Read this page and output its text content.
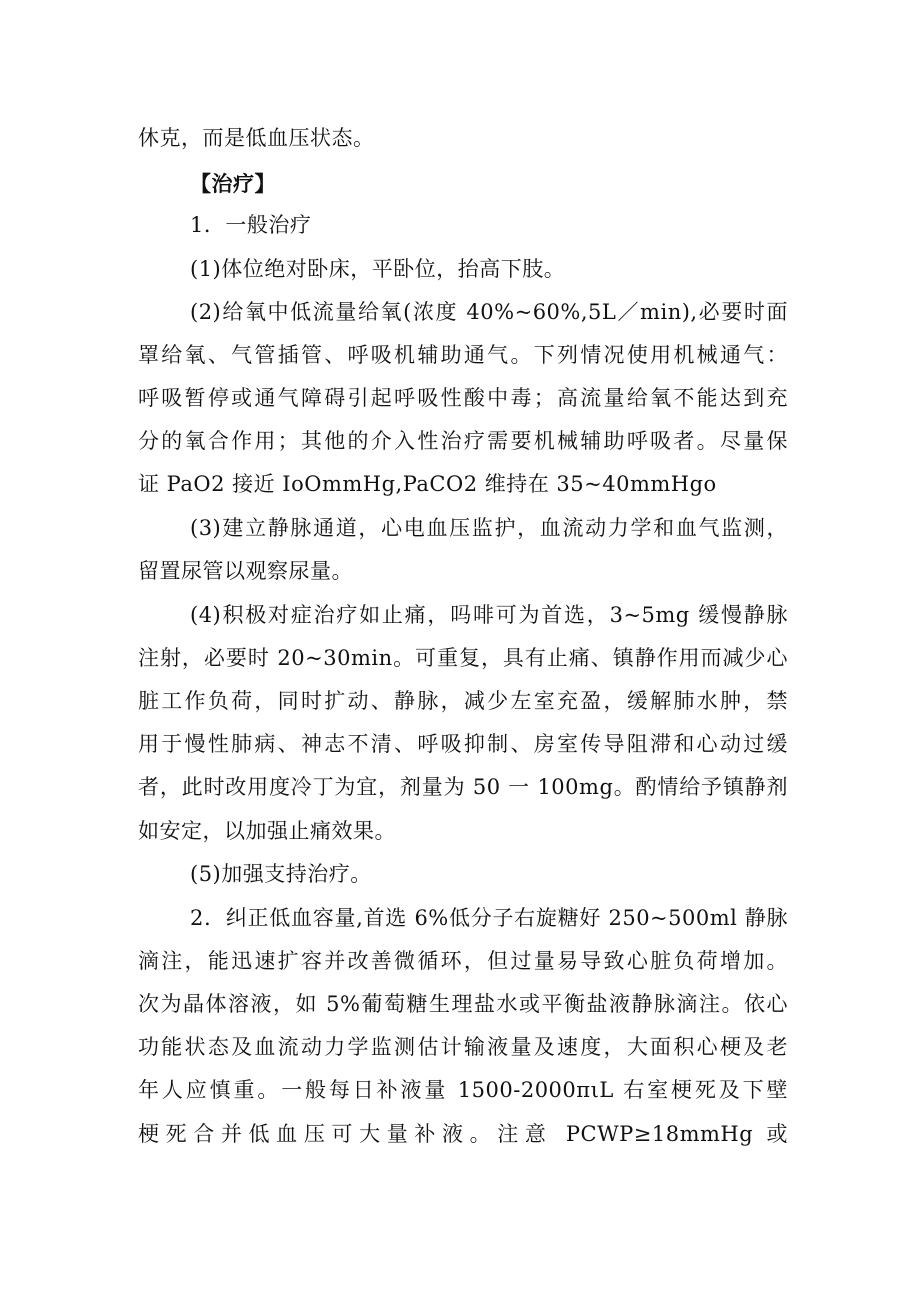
休克，而是低血压状态。
【治疗】
1．一般治疗
(1)体位绝对卧床，平卧位，抬高下肢。
(2)给氧中低流量给氧(浓度 40%~60%,5L／min),必要时面
罩给氧、气管插管、呼吸机辅助通气。下列情况使用机械通气：
呼吸暂停或通气障碍引起呼吸性酸中毒；高流量给氧不能达到充
分的氧合作用；其他的介入性治疗需要机械辅助呼吸者。尽量保
证 PaO2 接近 IoOmmHg,PaCO2 维持在 35~40mmHgo
(3)建立静脉通道，心电血压监护，血流动力学和血气监测，
留置尿管以观察尿量。
(4)积极对症治疗如止痛，吗啡可为首选，3~5mg 缓慢静脉
注射，必要时 20~30min。可重复，具有止痛、镇静作用而减少心
脏工作负荷，同时扩动、静脉，减少左室充盈，缓解肺水肿，禁
用于慢性肺病、神志不清、呼吸抑制、房室传导阻滞和心动过缓
者，此时改用度冷丁为宜，剂量为 50 一 100mg。酌情给予镇静剂
如安定，以加强止痛效果。
(5)加强支持治疗。
2．纠正低血容量,首选 6%低分子右旋糖好 250~500ml 静脉
滴注，能迅速扩容并改善微循环，但过量易导致心脏负荷增加。
次为晶体溶液，如 5%葡萄糖生理盐水或平衡盐液静脉滴注。依心
功能状态及血流动力学监测估计输液量及速度，大面积心梗及老
年人应慎重。一般每日补液量 1500-2000πιL 右室梗死及下壁
梗死合并低血压可大量补液。注意 PCWP≥18mmHg 或
